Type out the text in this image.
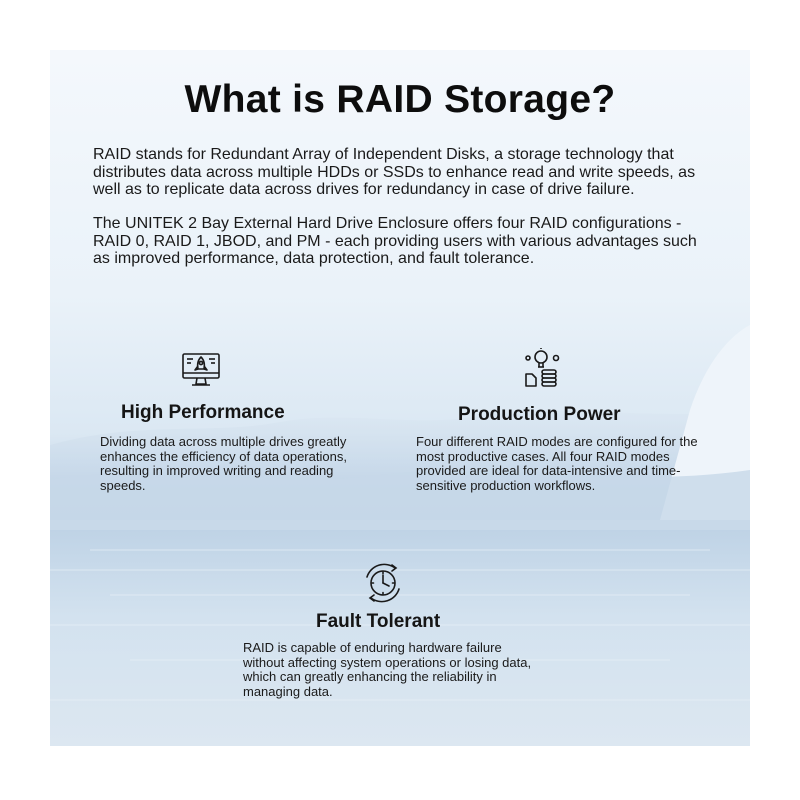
What is RAID Storage?

RAID stands for Redundant Array of Independent Disks, a storage technology that distributes data across multiple HDDs or SSDs to enhance read and write speeds, as well as to replicate data across drives for redundancy in case of drive failure.

The UNITEK 2 Bay External Hard Drive Enclosure offers four RAID configurations - RAID 0, RAID 1, JBOD, and PM - each providing users with various advantages such as improved performance, data protection, and fault tolerance.

High Performance

Dividing data across multiple drives greatly enhances the efficiency of data operations, resulting in improved writing and reading speeds.

Production Power

Four different RAID modes are configured for the most productive cases. All four RAID modes provided are ideal for data-intensive and time-sensitive production workflows.

Fault Tolerant

RAID is capable of enduring hardware failure without affecting system operations or losing data, which can greatly enhancing the reliability in managing data.
